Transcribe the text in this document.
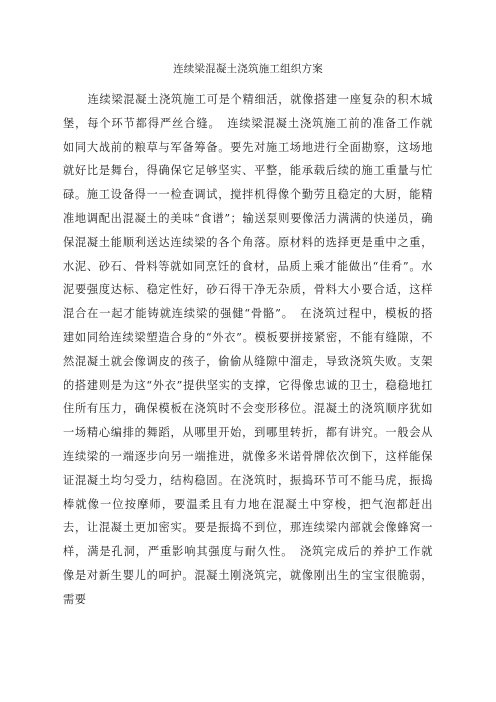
连续梁混凝土浇筑施工组织方案
连续梁混凝土浇筑施工可是个精细活，就像搭建一座复杂的积木城堡，每个环节都得严丝合缝。　 连续梁混凝土浇筑施工前的准备工作就如同大战前的粮草与军备筹备。要先对施工场地进行全面勘察，这场地就好比是舞台，得确保它足够坚实、平整，能承载后续的施工重量与忙碌。施工设备得一一检查调试，搅拌机得像个勤劳且稳定的大厨，能精准地调配出混凝土的美味“食谱”；输送泵则要像活力满满的快递员，确保混凝土能顺利送达连续梁的各个角落。原材料的选择更是重中之重，水泥、砂石、骨料等就如同烹饪的食材，品质上乘才能做出“佳肴”。水泥要强度达标、稳定性好，砂石得干净无杂质，骨料大小要合适，这样混合在一起才能铸就连续梁的强健“骨骼”。　 在浇筑过程中，模板的搭建如同给连续梁塑造合身的“外衣”。模板要拼接紧密，不能有缝隙，不然混凝土就会像调皮的孩子，偷偷从缝隙中溜走，导致浇筑失败。支架的搭建则是为这“外衣”提供坚实的支撑，它得像忠诚的卫士，稳稳地扛住所有压力，确保模板在浇筑时不会变形移位。混凝土的浇筑顺序犹如一场精心编排的舞蹈，从哪里开始，到哪里转折，都有讲究。一般会从连续梁的一端逐步向另一端推进，就像多米诺骨牌依次倒下，这样能保证混凝土均匀受力，结构稳固。在浇筑时，振捣环节可不能马虎，振捣棒就像一位按摩师，要温柔且有力地在混凝土中穿梭，把气泡都赶出去，让混凝土更加密实。要是振捣不到位，那连续梁内部就会像蜂窝一样，满是孔洞，严重影响其强度与耐久性。　 浇筑完成后的养护工作就像是对新生婴儿的呵护。混凝土刚浇筑完，就像刚出生的宝宝很脆弱，需要
